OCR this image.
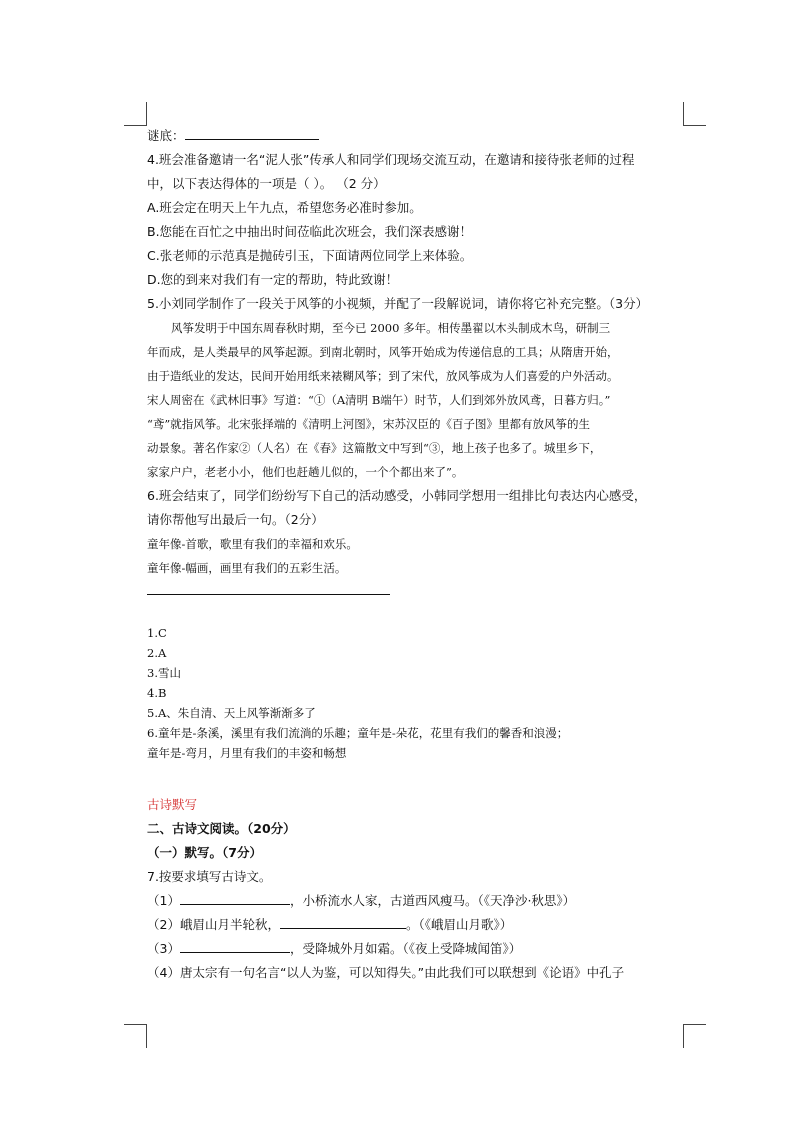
谜底：
4.班会准备邀请一名“泥人张”传承人和同学们现场交流互动，在邀请和接待张老师的过程
中，以下表达得体的一项是（ ）。 （2 分）
A.班会定在明天上午九点，希望您务必准时参加。
B.您能在百忙之中抽出时间莅临此次班会，我们深表感谢！
C.张老师的示范真是抛砖引玉，下面请两位同学上来体验。
D.您的到来对我们有一定的帮助，特此致谢！
5.小刘同学制作了一段关于风筝的小视频，并配了一段解说词，请你将它补充完整。（3分）
风筝发明于中国东周春秋时期，至今已 2000 多年。相传墨翟以木头制成木鸟，研制三
年而成，是人类最早的风筝起源。到南北朝时，风筝开始成为传递信息的工具；从隋唐开始，
由于造纸业的发达，民间开始用纸来裱糊风筝；到了宋代，放风筝成为人们喜爱的户外活动。
宋人周密在《武林旧事》写道：“①（A清明 B端午）时节，人们到郊外放风鸢，日暮方归。”
“鸢”就指风筝。北宋张择端的《清明上河图》，宋苏汉臣的《百子图》里都有放风筝的生
动景象。著名作家②（人名）在《春》这篇散文中写到“③，地上孩子也多了。城里乡下，
家家户户，老老小小，他们也赶趟儿似的，一个个都出来了”。
6.班会结束了，同学们纷纷写下自己的活动感受，小韩同学想用一组排比句表达内心感受，
请你帮他写出最后一句。（2分）
童年像-首歌，歌里有我们的幸福和欢乐。
童年像-幅画，画里有我们的五彩生活。
1.C
2.A
3.雪山
4.B
5.A、朱自清、天上风筝渐渐多了
6.童年是-条溪，溪里有我们流淌的乐趣；童年是-朵花，花里有我们的馨香和浪漫；
童年是-弯月，月里有我们的丰姿和畅想
古诗默写
二、古诗文阅读。（20分）
（一）默写。（7分）
7.按要求填写古诗文。
（1）	，小桥流水人家，古道西风瘦马。（《天净沙·秋思》）
（2）峨眉山月半轮秋，	。（《峨眉山月歌》）
（3）	，受降城外月如霜。（《夜上受降城闻笛》）
（4）唐太宗有一句名言“以人为鉴，可以知得失。”由此我们可以联想到《论语》中孔子
